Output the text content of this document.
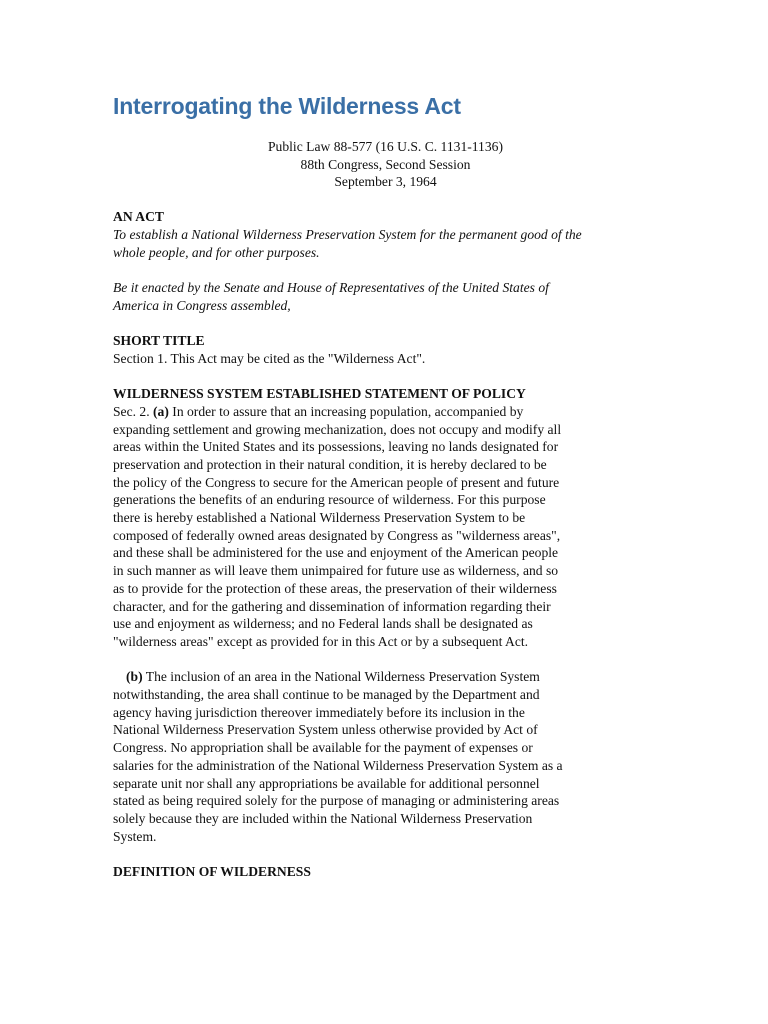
Interrogating the Wilderness Act
Public Law 88-577 (16 U.S. C. 1131-1136)
88th Congress, Second Session
September 3, 1964
AN ACT
To establish a National Wilderness Preservation System for the permanent good of the
whole people, and for other purposes.
Be it enacted by the Senate and House of Representatives of the United States of
America in Congress assembled,
SHORT TITLE
Section 1. This Act may be cited as the "Wilderness Act".
WILDERNESS SYSTEM ESTABLISHED STATEMENT OF POLICY
Sec. 2. (a) In order to assure that an increasing population, accompanied by
expanding settlement and growing mechanization, does not occupy and modify all
areas within the United States and its possessions, leaving no lands designated for
preservation and protection in their natural condition, it is hereby declared to be
the policy of the Congress to secure for the American people of present and future
generations the benefits of an enduring resource of wilderness. For this purpose
there is hereby established a National Wilderness Preservation System to be
composed of federally owned areas designated by Congress as "wilderness areas",
and these shall be administered for the use and enjoyment of the American people
in such manner as will leave them unimpaired for future use as wilderness, and so
as to provide for the protection of these areas, the preservation of their wilderness
character, and for the gathering and dissemination of information regarding their
use and enjoyment as wilderness; and no Federal lands shall be designated as
"wilderness areas" except as provided for in this Act or by a subsequent Act.
(b) The inclusion of an area in the National Wilderness Preservation System
notwithstanding, the area shall continue to be managed by the Department and
agency having jurisdiction thereover immediately before its inclusion in the
National Wilderness Preservation System unless otherwise provided by Act of
Congress. No appropriation shall be available for the payment of expenses or
salaries for the administration of the National Wilderness Preservation System as a
separate unit nor shall any appropriations be available for additional personnel
stated as being required solely for the purpose of managing or administering areas
solely because they are included within the National Wilderness Preservation
System.
DEFINITION OF WILDERNESS
